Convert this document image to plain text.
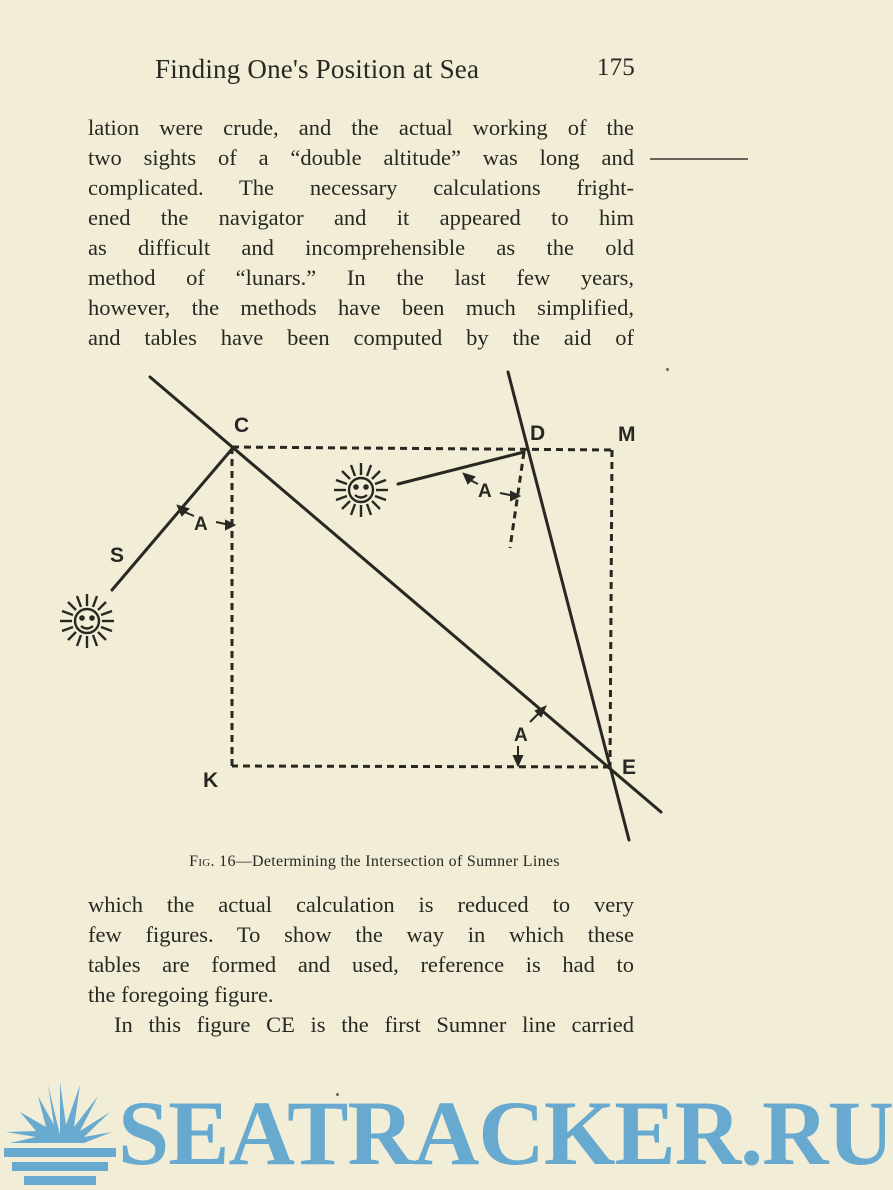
Finding One's Position at Sea	175
lation were crude, and the actual working of the
two sights of a “double altitude” was long and
complicated. The necessary calculations fright-
ened the navigator and it appeared to him
as difficult and incomprehensible as the old
method of “lunars.” In the last few years,
however, the methods have been much simplified,
and tables have been computed by the aid of
C	D	M
K
E
S
A
A
A
Fig. 16—Determining the Intersection of Sumner Lines
which the actual calculation is reduced to very
few figures. To show the way in which these
tables are formed and used, reference is had to
the foregoing figure.
In this figure CE is the first Sumner line carried
SEATRACKER.RU
